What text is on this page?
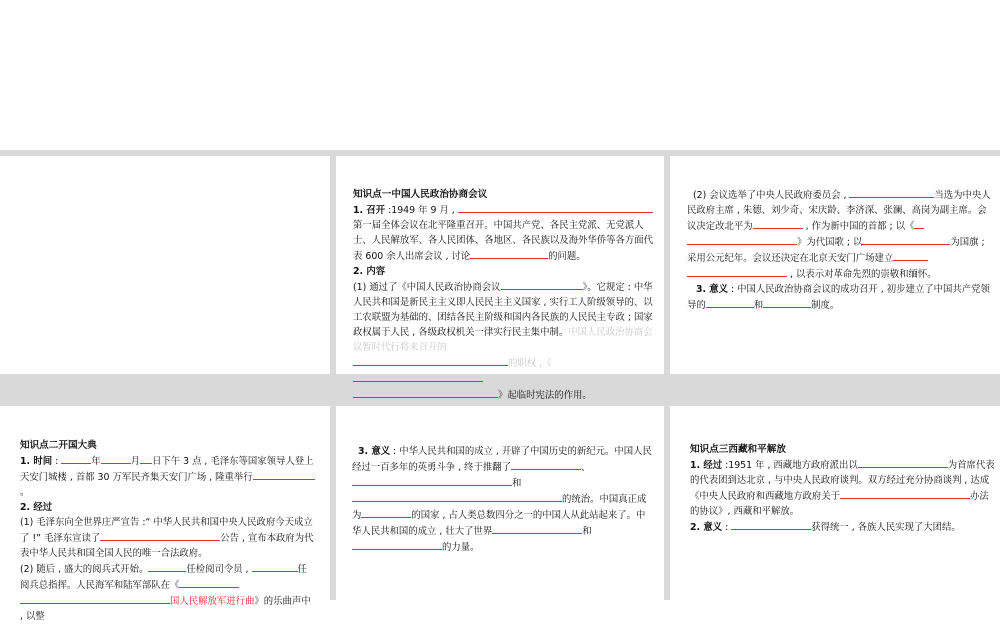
知识点一中国人民政治协商会议

1. 召开 :1949 年 9 月 ,  第一届全体会议在北平隆重召开。中国共产党、各民主党派、无党派人士、人民解放军、各人民团体、各地区、各民族以及海外华侨等各方面代表 600 余人出席会议 , 讨论	的问题。

2. 内容

(1) 通过了《中国人民政治协商会议	》。它规定 : 中华人民共和国是新民主主义即人民民主主义国家 , 实行工人阶级领导的、以工农联盟为基础的、团结各民主阶级和国内各民族的人民民主专政 ; 国家政权属于人民 , 各级政权机关一律实行民主集中制。中国人民政治协商会议暂时代行将来召开的

的职权 ,《

》起临时宪法的作用。

(2) 会议选举了中央人民政府委员会 ,	当选为中央人民政府主席 , 朱德、刘少奇、宋庆龄、李济深、张澜、高岗为副主席。会议决定改北平为	, 作为新中国的首都 ; 以《》为代国歌 ; 以	为国旗 ; 采用公元纪年。会议还决定在北京天安门广场建立 , 以表示对革命先烈的崇敬和缅怀。

3. 意义 : 中国人民政治协商会议的成功召开 , 初步建立了中国共产党领导的	和	制度。

知识点二开国大典

1. 时间 :	年	月 日下午 3 点 , 毛泽东等国家领导人登上天安门城楼 , 首都 30 万军民齐集天安门广场 , 隆重举行。

2. 经过

(1) 毛泽东向全世界庄严宣告 :“ 中华人民共和国中央人民政府今天成立了 !” 毛泽东宣读了	公告 , 宣布本政府为代表中华人民共和国全国人民的唯一合法政府。

(2) 随后 , 盛大的阅兵式开始。	任检阅司令员 ,	任阅兵总指挥。人民海军和陆军部队在《

国人民解放军进行曲》的乐曲声中 , 以整

3. 意义 : 中华人民共和国的成立 , 开辟了中国历史的新纪元。中国人民经过一百多年的英勇斗争 , 终于推翻了	、和

的统治。中国真正成为	的国家 , 占人类总数四分之一的中国人从此站起来了。中华人民共和国的成立 , 壮大了世界	和的力量。

知识点三西藏和平解放

1. 经过 :1951 年 , 西藏地方政府派出以	为首席代表的代表团到达北京 , 与中央人民政府谈判。双方经过充分协商谈判 , 达成《中央人民政府和西藏地方政府关于	办法的协议》, 西藏和平解放。

2. 意义 :	获得统一 , 各族人民实现了大团结。
